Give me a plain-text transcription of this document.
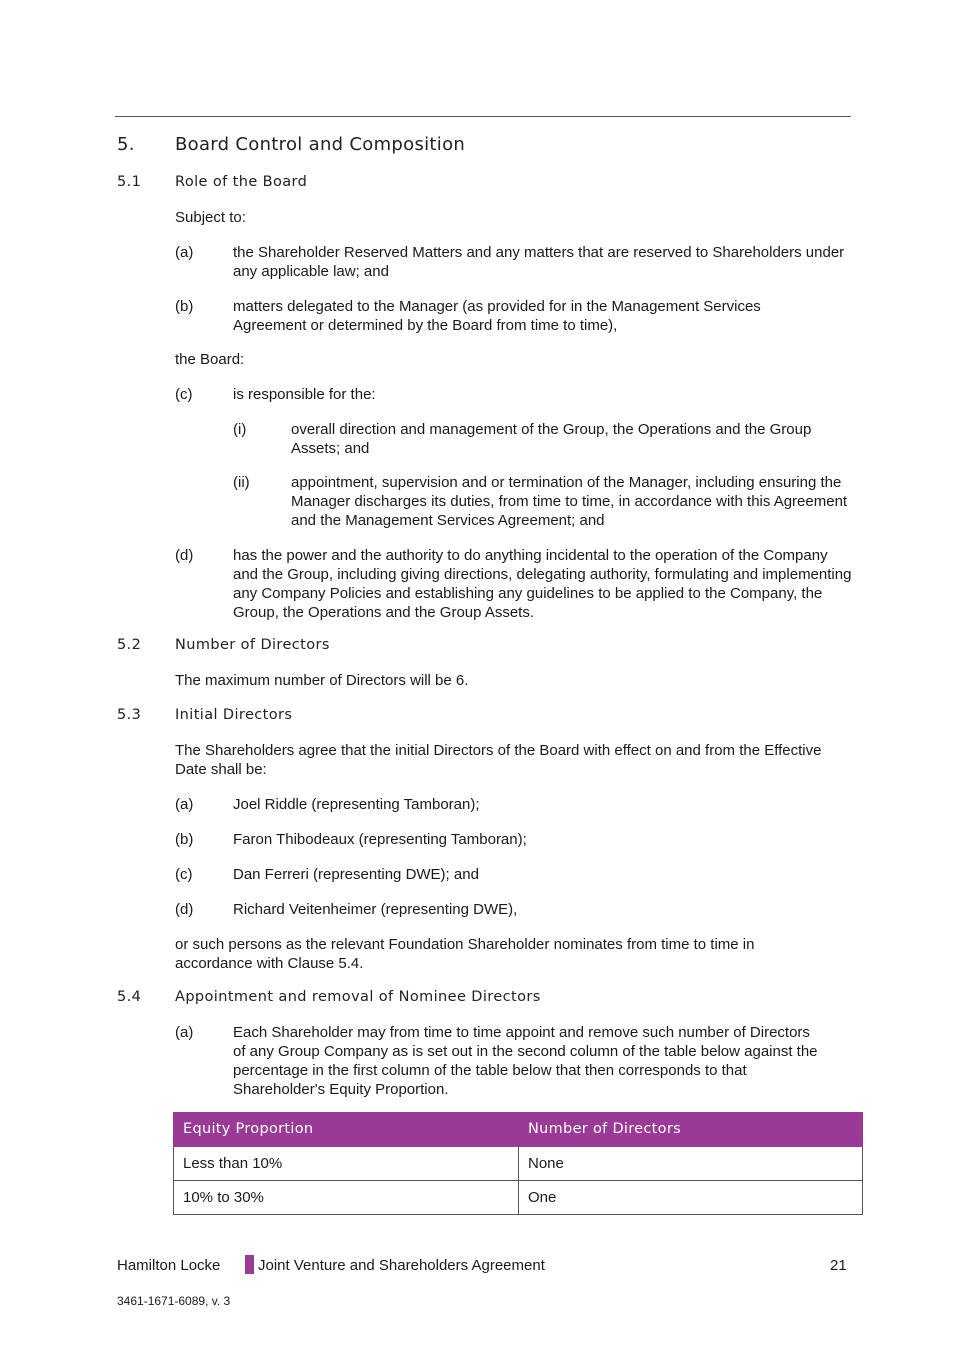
5. Board Control and Composition
5.1 Role of the Board
Subject to:
(a)	the Shareholder Reserved Matters and any matters that are reserved to Shareholders under any applicable law; and
(b)	matters delegated to the Manager (as provided for in the Management Services Agreement or determined by the Board from time to time),
the Board:
(c)	is responsible for the:
(i)	overall direction and management of the Group, the Operations and the Group Assets; and
(ii)	appointment, supervision and or termination of the Manager, including ensuring the Manager discharges its duties, from time to time, in accordance with this Agreement and the Management Services Agreement; and
(d)	has the power and the authority to do anything incidental to the operation of the Company and the Group, including giving directions, delegating authority, formulating and implementing any Company Policies and establishing any guidelines to be applied to the Company, the Group, the Operations and the Group Assets.
5.2 Number of Directors
The maximum number of Directors will be 6.
5.3 Initial Directors
The Shareholders agree that the initial Directors of the Board with effect on and from the Effective Date shall be:
(a)	Joel Riddle (representing Tamboran);
(b)	Faron Thibodeaux (representing Tamboran);
(c)	Dan Ferreri (representing DWE); and
(d)	Richard Veitenheimer (representing DWE),
or such persons as the relevant Foundation Shareholder nominates from time to time in accordance with Clause 5.4.
5.4 Appointment and removal of Nominee Directors
(a)	Each Shareholder may from time to time appoint and remove such number of Directors of any Group Company as is set out in the second column of the table below against the percentage in the first column of the table below that then corresponds to that Shareholder's Equity Proportion.
Equity Proportion	Number of Directors
Less than 10%	None
10% to 30%	One
Hamilton Locke	Joint Venture and Shareholders Agreement	21
3461-1671-6089, v. 3
